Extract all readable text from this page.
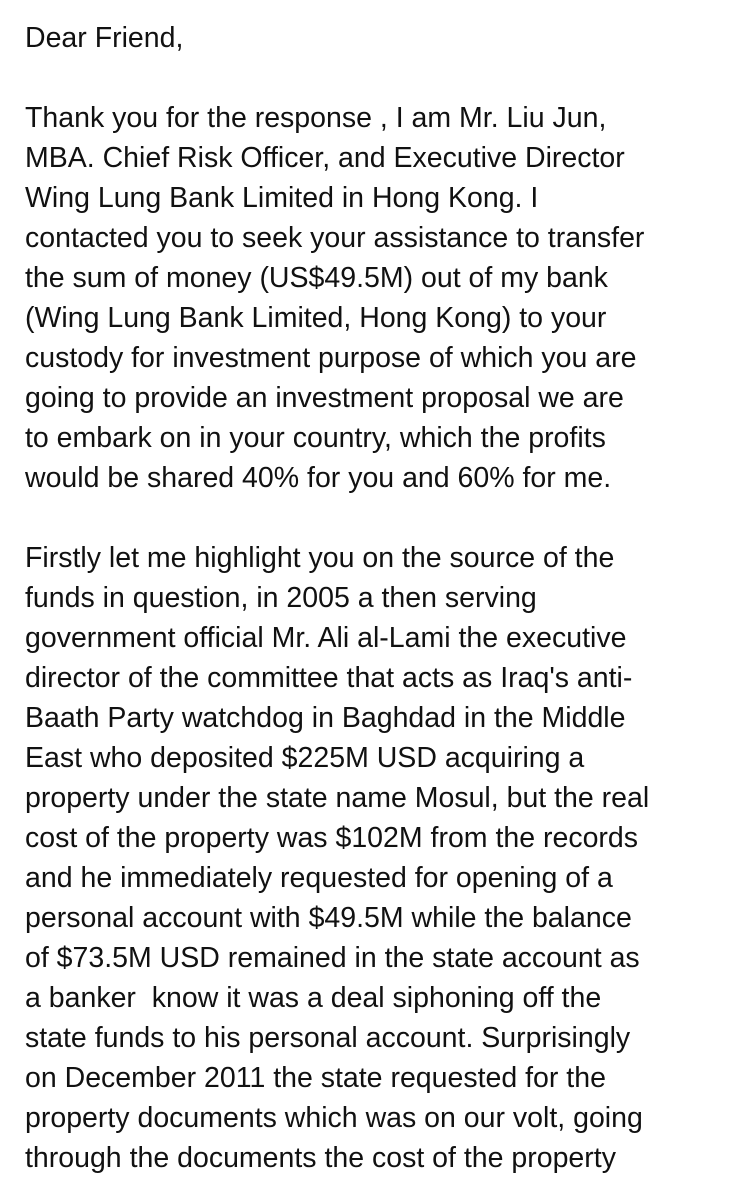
Dear Friend,
Thank you for the response , I am Mr. Liu Jun,
MBA. Chief Risk Officer, and Executive Director
Wing Lung Bank Limited in Hong Kong. I
contacted you to seek your assistance to transfer
the sum of money (US$49.5M) out of my bank
(Wing Lung Bank Limited, Hong Kong) to your
custody for investment purpose of which you are
going to provide an investment proposal we are
to embark on in your country, which the profits
would be shared 40% for you and 60% for me.
Firstly let me highlight you on the source of the
funds in question, in 2005 a then serving
government official Mr. Ali al-Lami the executive
director of the committee that acts as Iraq's anti-
Baath Party watchdog in Baghdad in the Middle
East who deposited $225M USD acquiring a
property under the state name Mosul, but the real
cost of the property was $102M from the records
and he immediately requested for opening of a
personal account with $49.5M while the balance
of $73.5M USD remained in the state account as
a banker  know it was a deal siphoning off the
state funds to his personal account. Surprisingly
on December 2011 the state requested for the
property documents which was on our volt, going
through the documents the cost of the property
